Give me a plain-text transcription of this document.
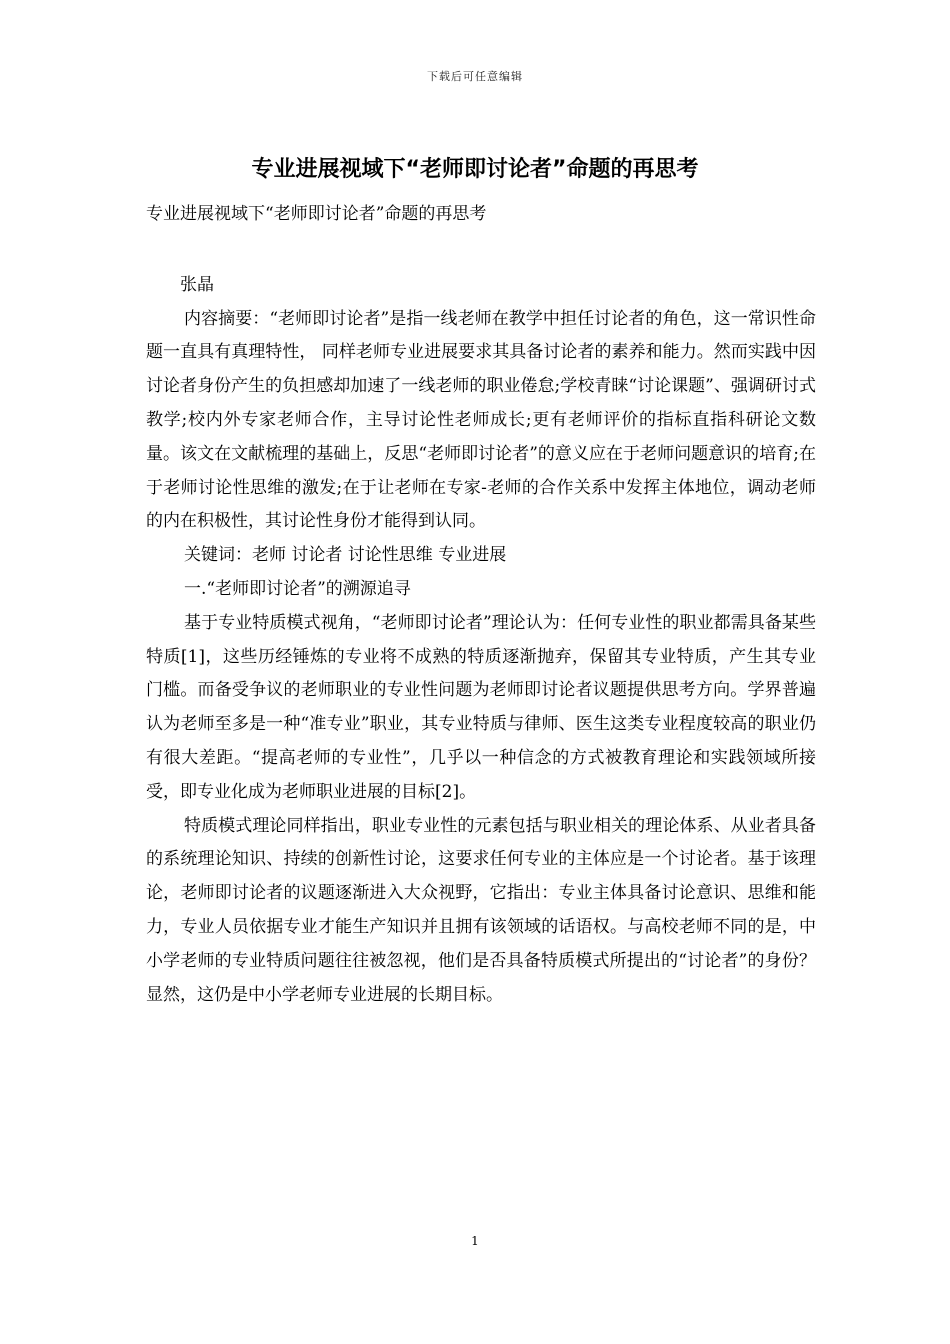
下载后可任意编辑
专业进展视域下“老师即讨论者”命题的再思考

专业进展视域下“老师即讨论者”命题的再思考

张晶

内容摘要：“老师即讨论者”是指一线老师在教学中担任讨论者的角色，这一常识性命题一直具有真理特性， 同样老师专业进展要求其具备讨论者的素养和能力。然而实践中因讨论者身份产生的负担感却加速了一线老师的职业倦怠;学校青睐“讨论课题”、强调研讨式教学;校内外专家老师合作，主导讨论性老师成长;更有老师评价的指标直指科研论文数量。该文在文献梳理的基础上，反思“老师即讨论者”的意义应在于老师问题意识的培育;在于老师讨论性思维的激发;在于让老师在专家-老师的合作关系中发挥主体地位，调动老师的内在积极性，其讨论性身份才能得到认同。

关键词：老师 讨论者 讨论性思维 专业进展

一.“老师即讨论者”的溯源追寻

基于专业特质模式视角，“老师即讨论者”理论认为：任何专业性的职业都需具备某些特质[1]，这些历经锤炼的专业将不成熟的特质逐渐抛弃，保留其专业特质，产生其专业门槛。而备受争议的老师职业的专业性问题为老师即讨论者议题提供思考方向。学界普遍认为老师至多是一种“准专业”职业，其专业特质与律师、医生这类专业程度较高的职业仍有很大差距。“提高老师的专业性”，几乎以一种信念的方式被教育理论和实践领域所接受，即专业化成为老师职业进展的目标[2]。

特质模式理论同样指出，职业专业性的元素包括与职业相关的理论体系、从业者具备的系统理论知识、持续的创新性讨论，这要求任何专业的主体应是一个讨论者。基于该理论，老师即讨论者的议题逐渐进入大众视野，它指出：专业主体具备讨论意识、思维和能力，专业人员依据专业才能生产知识并且拥有该领域的话语权。与高校老师不同的是，中小学老师的专业特质问题往往被忽视，他们是否具备特质模式所提出的“讨论者”的身份？显然，这仍是中小学老师专业进展的长期目标。

1
